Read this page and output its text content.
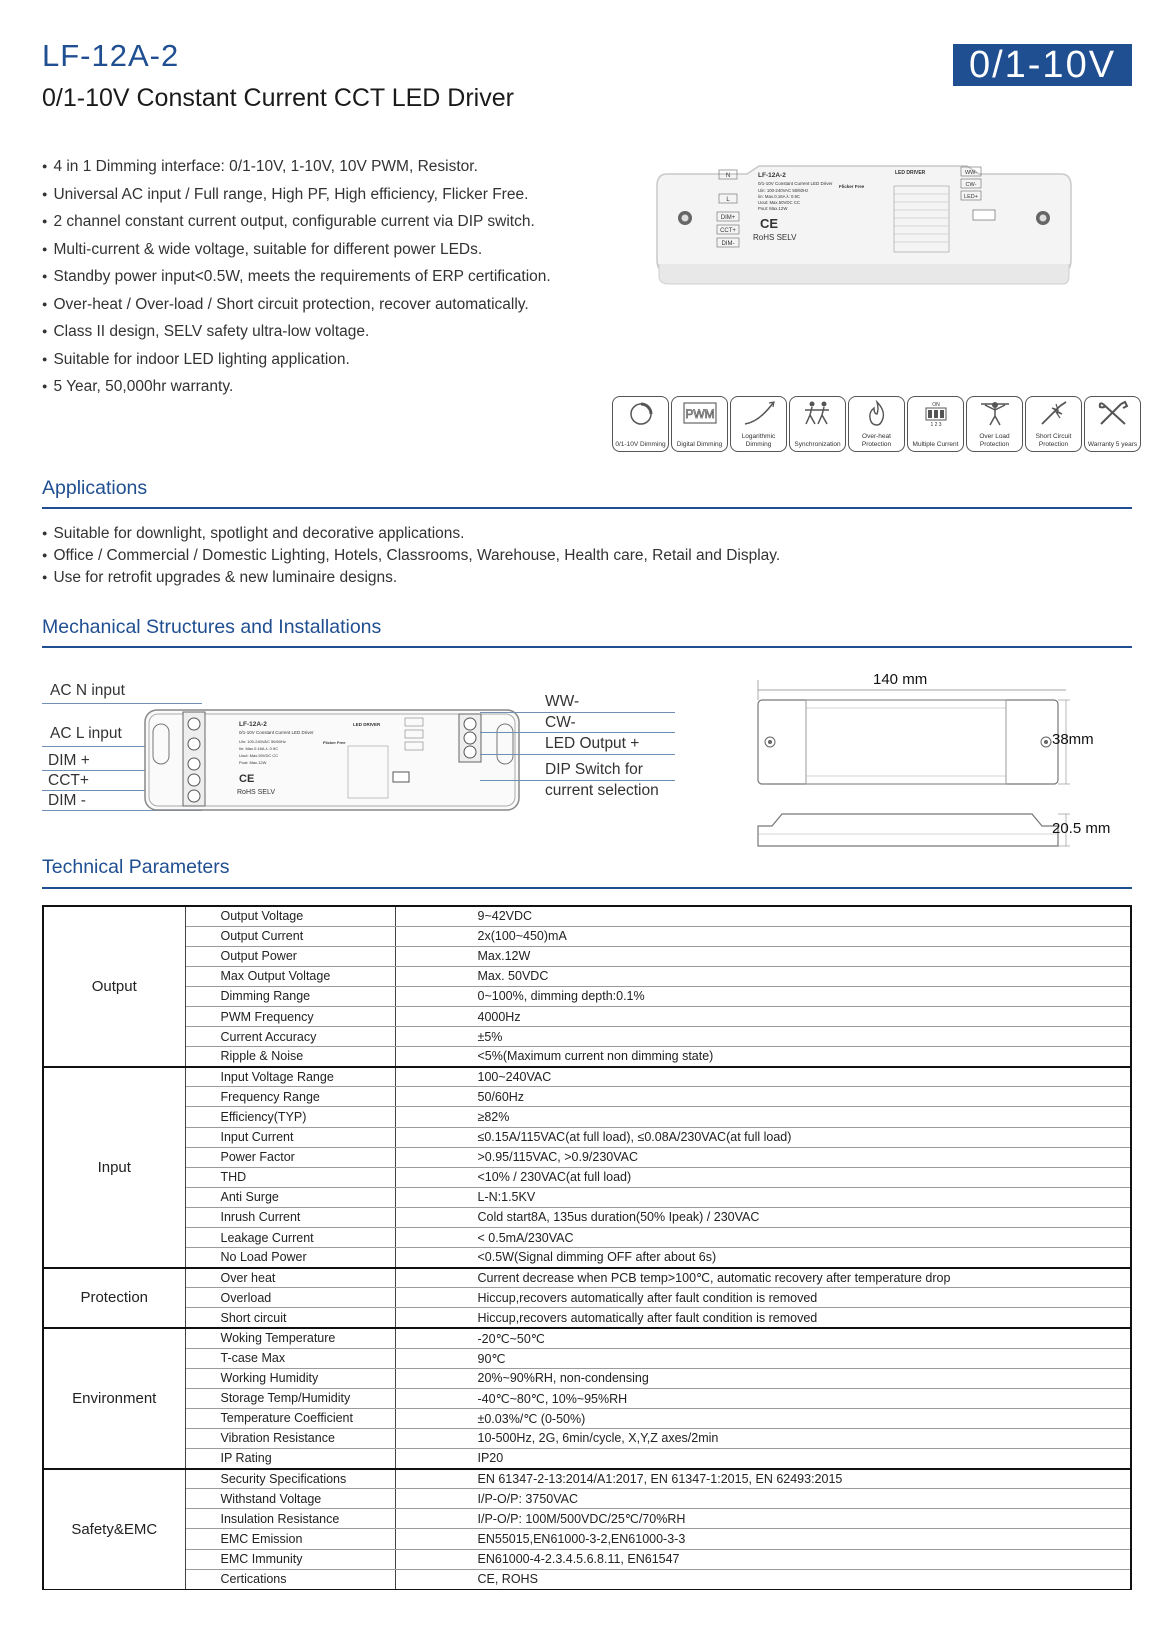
LF-12A-2
0/1-10V Constant Current CCT LED Driver
0/1-10V
● 4 in 1 Dimming interface: 0/1-10V, 1-10V, 10V PWM, Resistor.
● Universal AC input / Full range, High PF, High efficiency, Flicker Free.
● 2 channel constant current output, configurable current via DIP switch.
● Multi-current & wide voltage, suitable for different power LEDs.
● Standby power input<0.5W, meets the requirements of ERP certification.
● Over-heat / Over-load / Short circuit protection, recover automatically.
● Class II design, SELV safety ultra-low voltage.
● Suitable for indoor LED lighting application.
● 5 Year, 50,000hr warranty.
N
L
DIM+
CCT+
DIM-
LF-12A-2
0/1-10V Constant Current LED Driver
Uin: 100-240VAC 50/60Hz
Iin: Max.0.16A λ: 0.9C
Uout: Max.50VDC CC
Pout: Max.12W
Flicker Free
CE
RoHS SELV
LED DRIVER	WW-
CW-
LED+
0/1-10V Dimming
PWM
Digital Dimming
Logarithmic Dimming	Synchronization
Over-heat Protection
ON
1 2 3
Multiple Current
Over Load Protection
Short Circuit Protection	Warranty 5 years
Applications
● Suitable for downlight, spotlight and decorative applications.
● Office / Commercial / Domestic Lighting, Hotels, Classrooms, Warehouse, Health care, Retail and Display.
● Use for retrofit upgrades & new luminaire designs.
Mechanical Structures and Installations
AC N input
AC L input
DIM +
CCT+
DIM -
LF-12A-2
0/1-10V Constant Current LED Driver
Uin: 100-240VAC 50/60Hz
Iin: Max.0.16A λ: 0.9C
Uout: Max.50VDC CC
Pout: Max.12W
CE
RoHS SELV
LED DRIVER
Flicker Free
WW-
CW-
LED Output +
DIP Switch for
current selection
140 mm
38mm
20.5 mm
Technical Parameters
Output	Output Voltage	9~42VDC
	Output Current	2x(100~450)mA
	Output Power	Max.12W
	Max Output Voltage	Max. 50VDC
	Dimming Range	0~100%, dimming depth:0.1%
	PWM Frequency	4000Hz
	Current Accuracy	±5%
	Ripple & Noise	<5%(Maximum current non dimming state)
Input	Input Voltage Range	100~240VAC
	Frequency Range	50/60Hz
	Efficiency(TYP)	≥82%
	Input Current	≤0.15A/115VAC(at full load), ≤0.08A/230VAC(at full load)
	Power Factor	>0.95/115VAC, >0.9/230VAC
	THD	<10% / 230VAC(at full load)
	Anti Surge	L-N:1.5KV
	Inrush Current	Cold start8A, 135us duration(50% Ipeak) / 230VAC
	Leakage Current	< 0.5mA/230VAC
	No Load Power	<0.5W(Signal dimming OFF after about 6s)
Protection	Over heat	Current decrease when PCB temp>100℃, automatic recovery after temperature drop
	Overload	Hiccup,recovers automatically after fault condition is removed
	Short circuit	Hiccup,recovers automatically after fault condition is removed
Environment	Woking Temperature	-20℃~50℃
	T-case Max	90℃
	Working Humidity	20%~90%RH, non-condensing
	Storage Temp/Humidity	-40℃~80℃, 10%~95%RH
	Temperature Coefficient	±0.03%/℃ (0-50%)
	Vibration Resistance	10-500Hz, 2G, 6min/cycle, X,Y,Z axes/2min
	IP Rating	IP20
Safety&EMC	Security Specifications	EN 61347-2-13:2014/A1:2017, EN 61347-1:2015, EN 62493:2015
	Withstand Voltage	I/P-O/P: 3750VAC
	Insulation Resistance	I/P-O/P: 100M/500VDC/25℃/70%RH
	EMC Emission	EN55015,EN61000-3-2,EN61000-3-3
	EMC Immunity	EN61000-4-2.3.4.5.6.8.11, EN61547
	Certications	CE, ROHS
